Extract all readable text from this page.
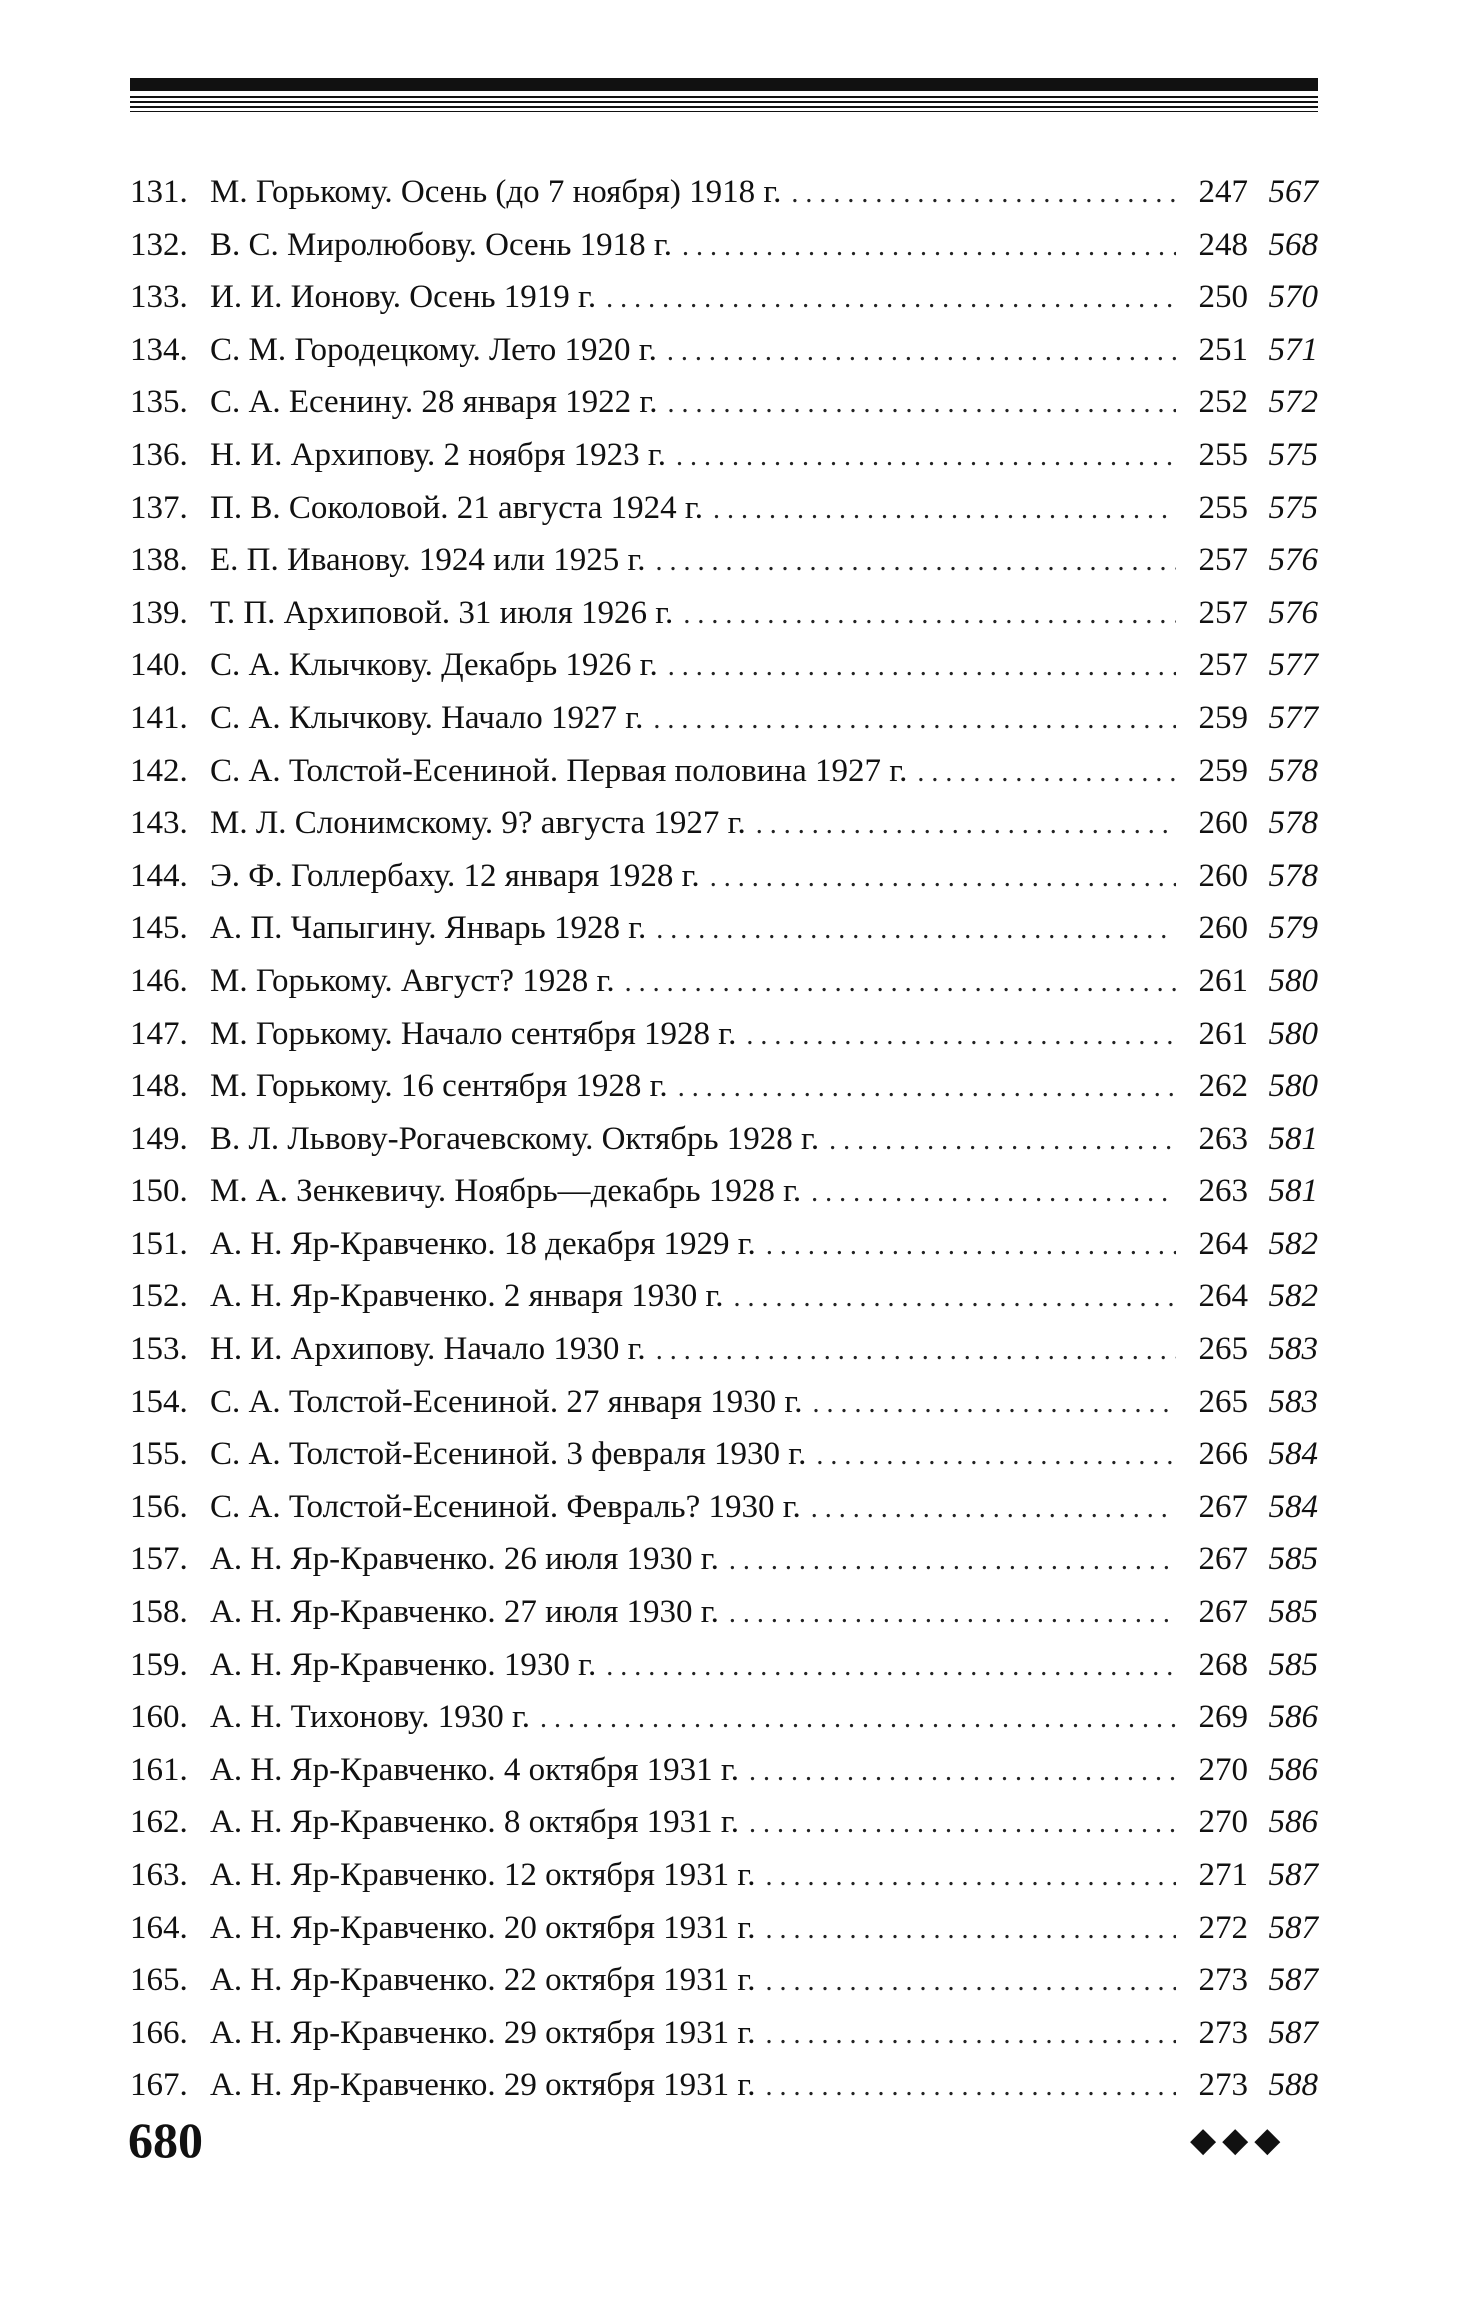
131. М. Горькому. Осень (до 7 ноября) 1918 г. . . .	247 567
132. В. С. Миролюбову. Осень 1918 г. . . .	248 568
133. И. И. Ионову. Осень 1919 г. . . .	250 570
134. С. М. Городецкому. Лето 1920 г. . . .	251 571
135. С. А. Есенину. 28 января 1922 г. . . .	252 572
136. Н. И. Архипову. 2 ноября 1923 г. . . .	255 575
137. П. В. Соколовой. 21 августа 1924 г. . . .	255 575
138. Е. П. Иванову. 1924 или 1925 г. . . .	257 576
139. Т. П. Архиповой. 31 июля 1926 г. . . .	257 576
140. С. А. Клычкову. Декабрь 1926 г. . . .	257 577
141. С. А. Клычкову. Начало 1927 г. . . .	259 577
142. С. А. Толстой-Есениной. Первая половина 1927 г. . . .	259 578
143. М. Л. Слонимскому. 9? августа 1927 г. . . .	260 578
144. Э. Ф. Голлербаху. 12 января 1928 г. . . .	260 578
145. А. П. Чапыгину. Январь 1928 г. . . .	260 579
146. М. Горькому. Август? 1928 г. . . .	261 580
147. М. Горькому. Начало сентября 1928 г. . . .	261 580
148. М. Горькому. 16 сентября 1928 г. . . .	262 580
149. В. Л. Львову-Рогачевскому. Октябрь 1928 г. . . .	263 581
150. М. А. Зенкевичу. Ноябрь—декабрь 1928 г. . . .	263 581
151. А. Н. Яр-Кравченко. 18 декабря 1929 г. . . .	264 582
152. А. Н. Яр-Кравченко. 2 января 1930 г. . . .	264 582
153. Н. И. Архипову. Начало 1930 г. . . .	265 583
154. С. А. Толстой-Есениной. 27 января 1930 г. . . .	265 583
155. С. А. Толстой-Есениной. 3 февраля 1930 г. . . .	266 584
156. С. А. Толстой-Есениной. Февраль? 1930 г. . . .	267 584
157. А. Н. Яр-Кравченко. 26 июля 1930 г. . . .	267 585
158. А. Н. Яр-Кравченко. 27 июля 1930 г. . . .	267 585
159. А. Н. Яр-Кравченко. 1930 г. . . .	268 585
160. А. Н. Тихонову. 1930 г. . . .	269 586
161. А. Н. Яр-Кравченко. 4 октября 1931 г. . . .	270 586
162. А. Н. Яр-Кравченко. 8 октября 1931 г. . . .	270 586
163. А. Н. Яр-Кравченко. 12 октября 1931 г. . . .	271 587
164. А. Н. Яр-Кравченко. 20 октября 1931 г. . . .	272 587
165. А. Н. Яр-Кравченко. 22 октября 1931 г. . . .	273 587
166. А. Н. Яр-Кравченко. 29 октября 1931 г. . . .	273 587
167. А. Н. Яр-Кравченко. 29 октября 1931 г. . . .	273 588
680	◆◆◆
